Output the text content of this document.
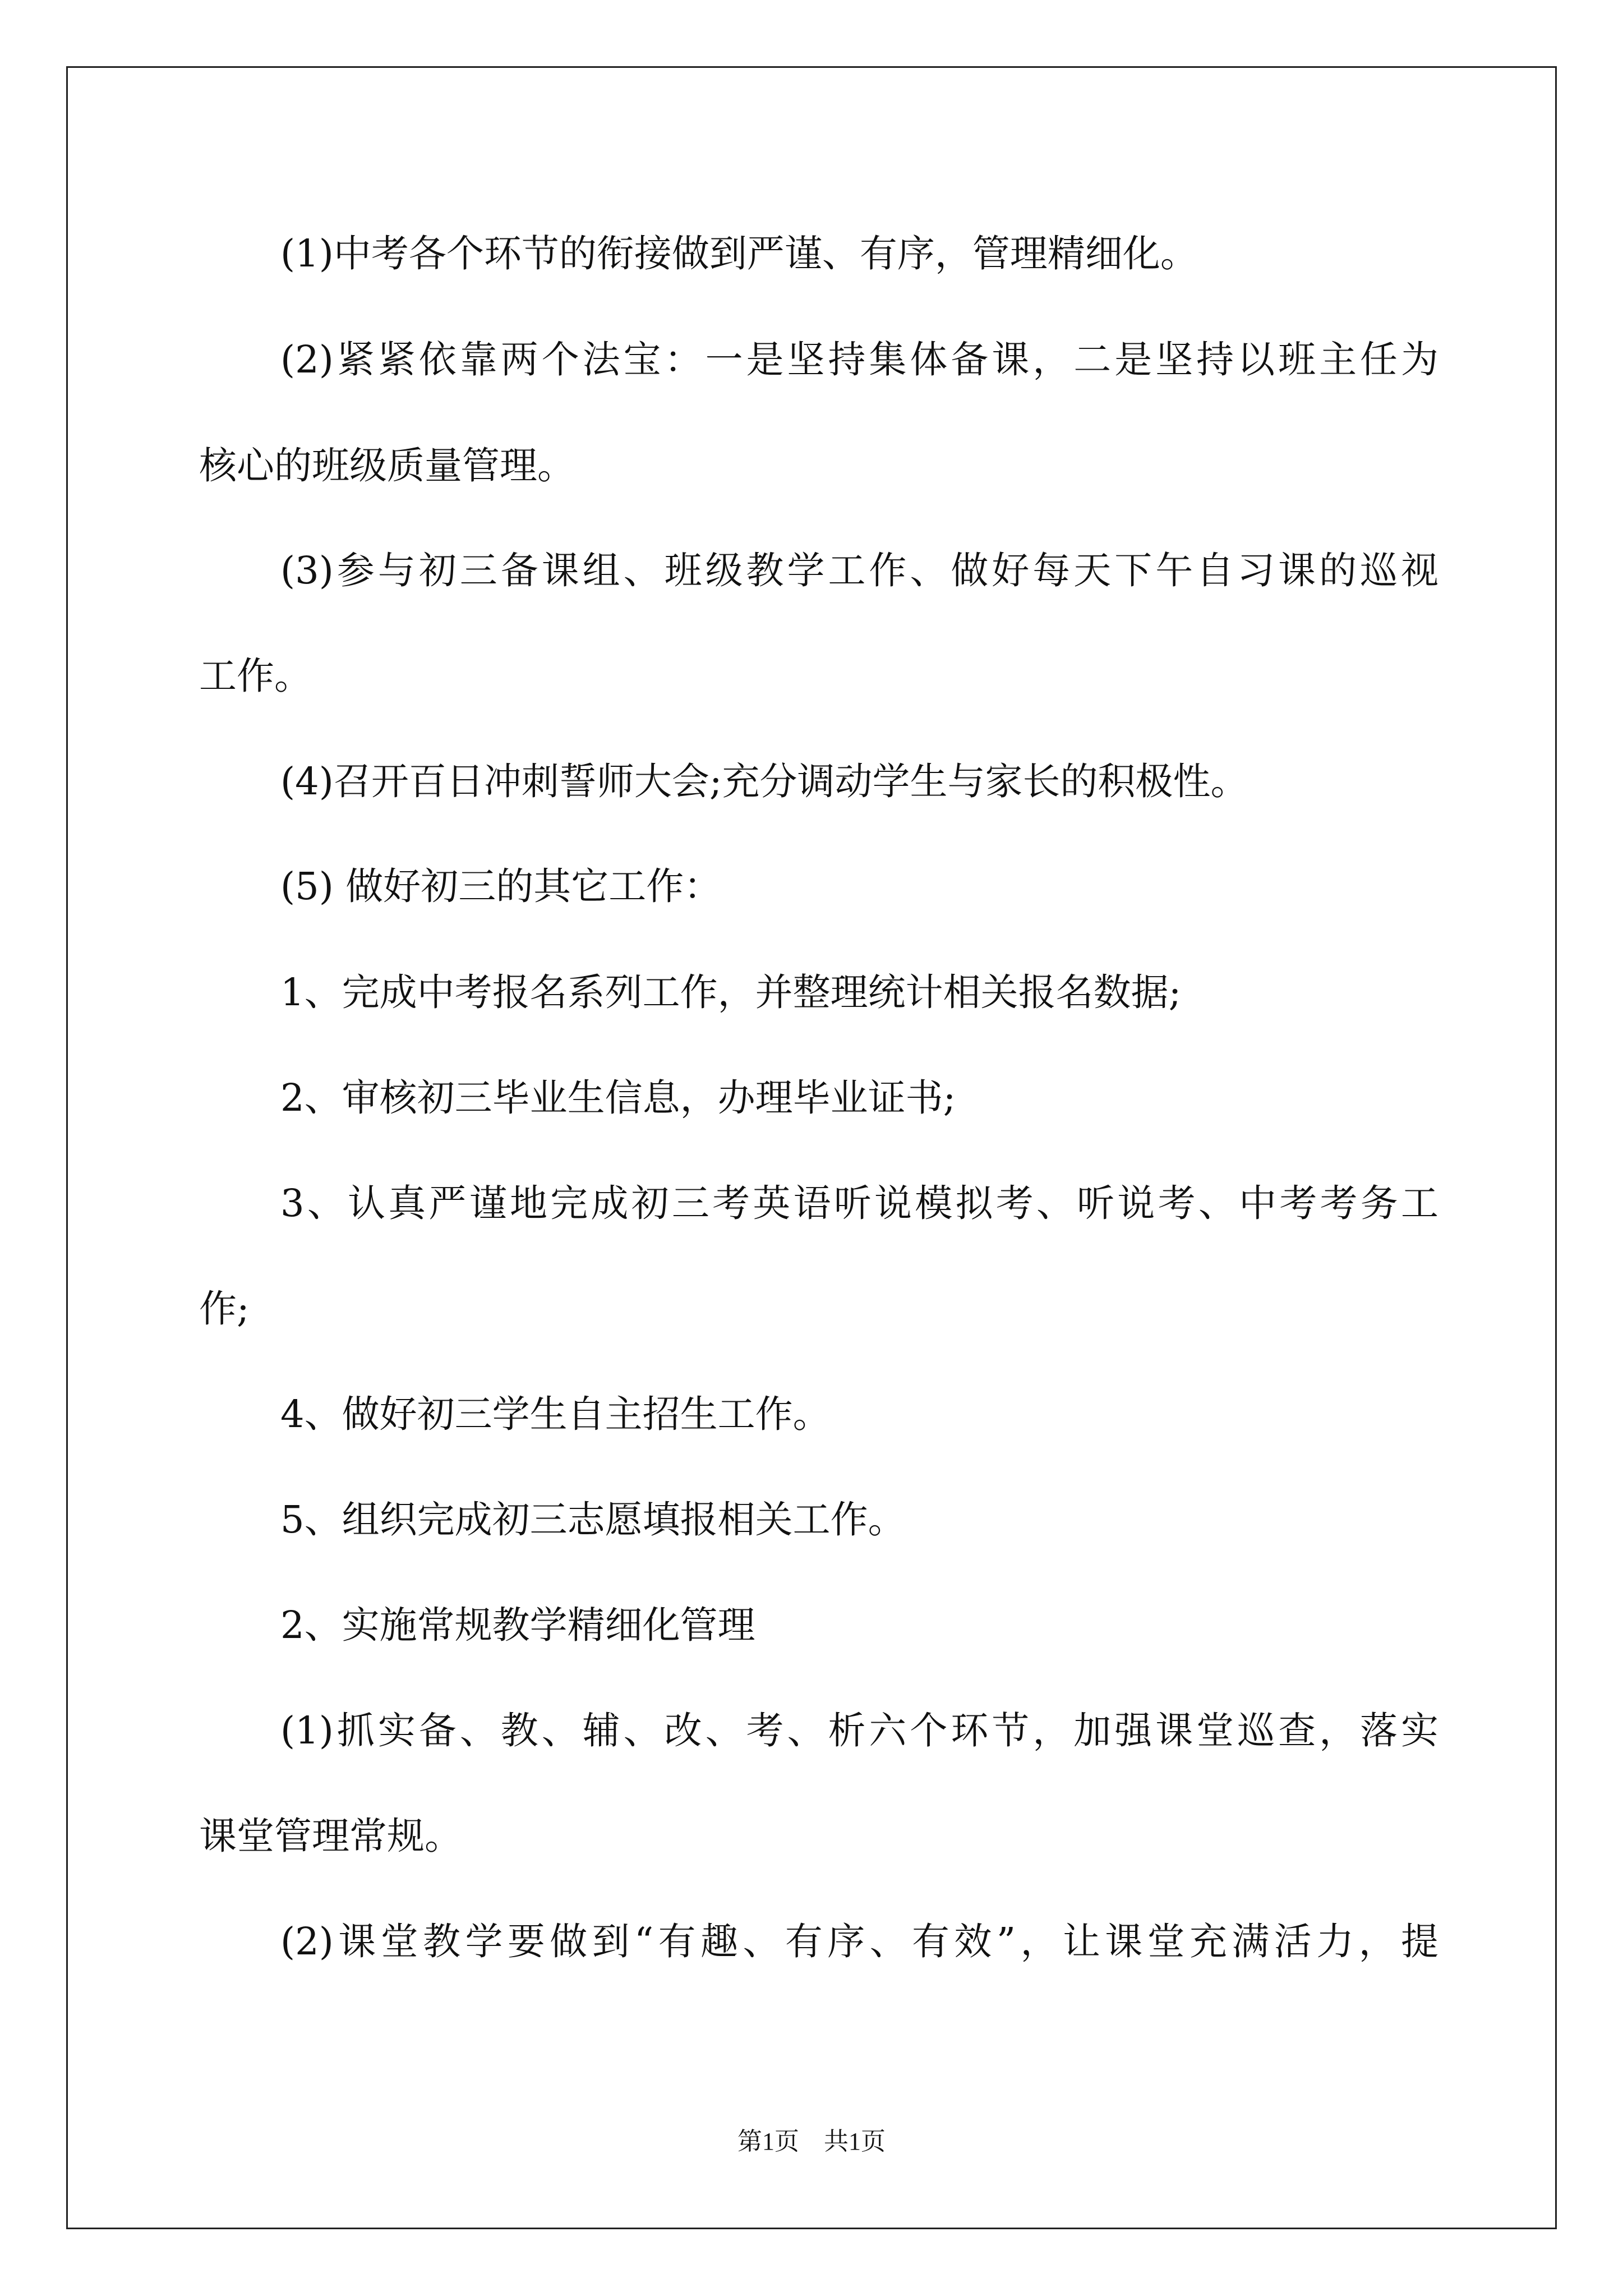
(1)中考各个环节的衔接做到严谨、有序，管理精细化。
(2)紧紧依靠两个法宝：一是坚持集体备课，二是坚持以班主任为
核心的班级质量管理。
(3)参与初三备课组、班级教学工作、做好每天下午自习课的巡视
工作。
(4)召开百日冲刺誓师大会;充分调动学生与家长的积极性。
(5) 做好初三的其它工作：
1、完成中考报名系列工作，并整理统计相关报名数据;
2、审核初三毕业生信息，办理毕业证书;
3、认真严谨地完成初三考英语听说模拟考、听说考、中考考务工
作;
4、做好初三学生自主招生工作。
5、组织完成初三志愿填报相关工作。
2、实施常规教学精细化管理
(1)抓实备、教、辅、改、考、析六个环节，加强课堂巡查，落实
课堂管理常规。
(2)课堂教学要做到“有趣、有序、有效”，让课堂充满活力，提
第1页　共1页
